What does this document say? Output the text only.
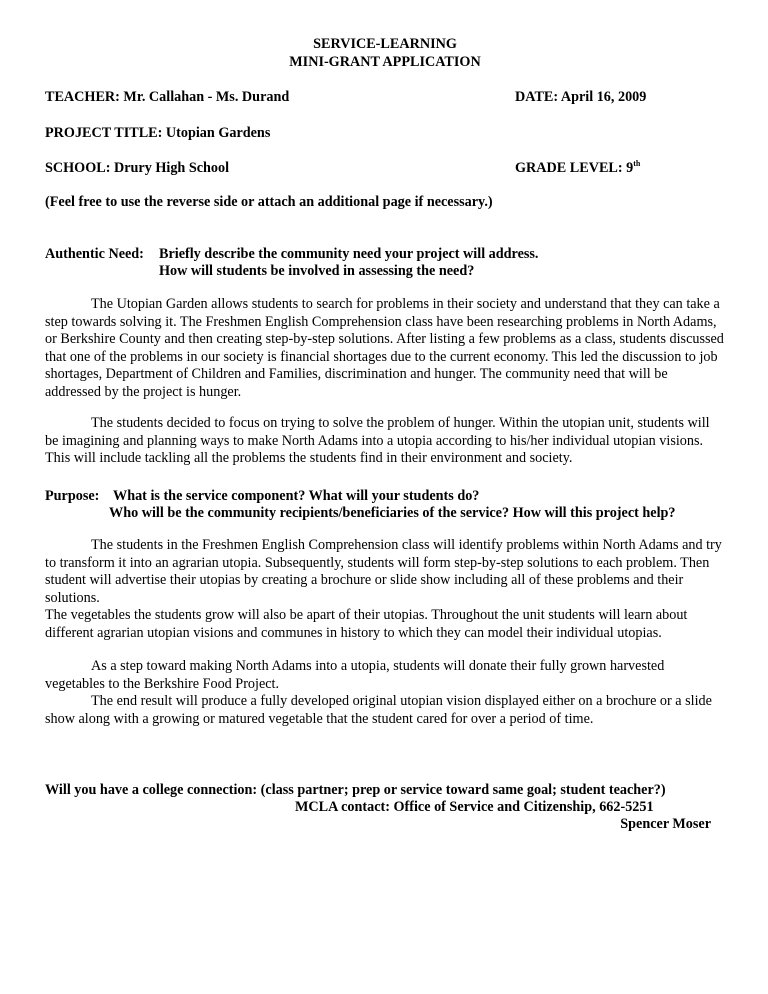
SERVICE-LEARNING
MINI-GRANT APPLICATION
TEACHER: Mr. Callahan - Ms. Durand	DATE: April 16, 2009
PROJECT TITLE: Utopian Gardens
SCHOOL: Drury High School	GRADE LEVEL: 9th
(Feel free to use the reverse side or attach an additional page if necessary.)
Authentic Need: Briefly describe the community need your project will address.
How will students be involved in assessing the need?
The Utopian Garden allows students to search for problems in their society and understand that they can take a step towards solving it. The Freshmen English Comprehension class have been researching problems in North Adams, or Berkshire County and then creating step-by-step solutions. After listing a few problems as a class, students discussed that one of the problems in our society is financial shortages due to the current economy. This led the discussion to job shortages, Department of Children and Families, discrimination and hunger. The community need that will be addressed by the project is hunger.
The students decided to focus on trying to solve the problem of hunger. Within the utopian unit, students will be imagining and planning ways to make North Adams into a utopia according to his/her individual utopian visions. This will include tackling all the problems the students find in their environment and society.
Purpose: What is the service component? What will your students do?
Who will be the community recipients/beneficiaries of the service? How will this project help?
The students in the Freshmen English Comprehension class will identify problems within North Adams and try to transform it into an agrarian utopia. Subsequently, students will form step-by-step solutions to each problem. Then student will advertise their utopias by creating a brochure or slide show including all of these problems and their solutions.
The vegetables the students grow will also be apart of their utopias. Throughout the unit students will learn about different agrarian utopian visions and communes in history to which they can model their individual utopias.
As a step toward making North Adams into a utopia, students will donate their fully grown harvested vegetables to the Berkshire Food Project.
The end result will produce a fully developed original utopian vision displayed either on a brochure or a slide show along with a growing or matured vegetable that the student cared for over a period of time.
Will you have a college connection: (class partner; prep or service toward same goal; student teacher?)
MCLA contact: Office of Service and Citizenship, 662-5251
Spencer Moser
